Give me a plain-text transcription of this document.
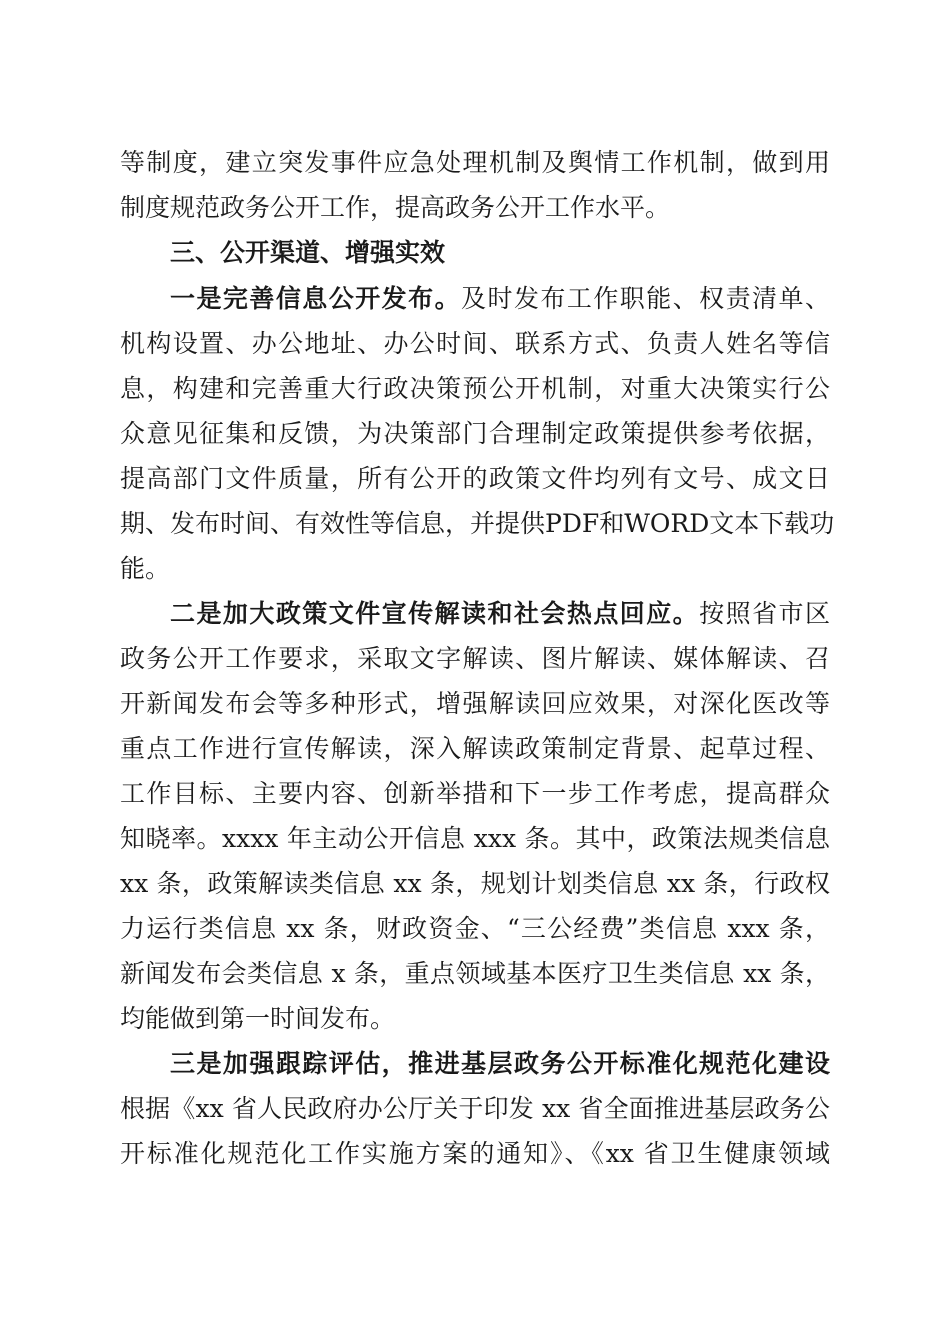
等制度，建立突发事件应急处理机制及舆情工作机制，做到用
制度规范政务公开工作，提高政务公开工作水平。
三、公开渠道、增强实效
一是完善信息公开发布。及时发布工作职能、权责清单、
机构设置、办公地址、办公时间、联系方式、负责人姓名等信
息，构建和完善重大行政决策预公开机制，对重大决策实行公
众意见征集和反馈，为决策部门合理制定政策提供参考依据，
提高部门文件质量，所有公开的政策文件均列有文号、成文日
期、发布时间、有效性等信息，并提供PDF和WORD文本下载功
能。
二是加大政策文件宣传解读和社会热点回应。按照省市区
政务公开工作要求，采取文字解读、图片解读、媒体解读、召
开新闻发布会等多种形式，增强解读回应效果，对深化医改等
重点工作进行宣传解读，深入解读政策制定背景、起草过程、
工作目标、主要内容、创新举措和下一步工作考虑，提高群众
知晓率。xxxx 年主动公开信息 xxx 条。其中，政策法规类信息
xx 条，政策解读类信息 xx 条，规划计划类信息 xx 条，行政权
力运行类信息 xx 条，财政资金、“三公经费”类信息 xxx 条，
新闻发布会类信息 x 条，重点领域基本医疗卫生类信息 xx 条，
均能做到第一时间发布。
三是加强跟踪评估，推进基层政务公开标准化规范化建设
根据《xx 省人民政府办公厅关于印发 xx 省全面推进基层政务公
开标准化规范化工作实施方案的通知》、《xx 省卫生健康领域
